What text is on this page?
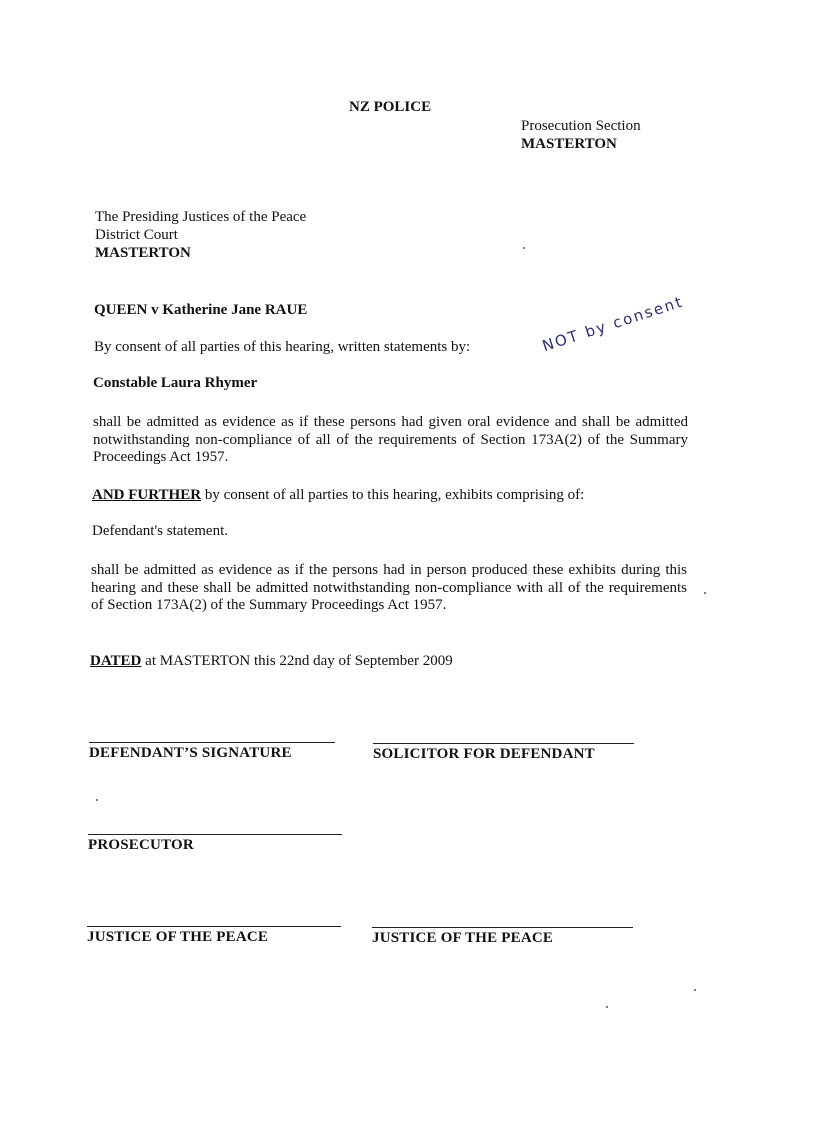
NZ POLICE
Prosecution Section
MASTERTON
The Presiding Justices of the Peace
District Court
MASTERTON
QUEEN v Katherine Jane RAUE
By consent of all parties of this hearing, written statements by:	NOT by consent
Constable Laura Rhymer
shall be admitted as evidence as if these persons had given oral evidence and shall be admitted notwithstanding non-compliance of all of the requirements of Section 173A(2) of the Summary Proceedings Act 1957.
AND FURTHER by consent of all parties to this hearing, exhibits comprising of:
Defendant's statement.
shall be admitted as evidence as if the persons had in person produced these exhibits during this hearing and these shall be admitted notwithstanding non-compliance with all of the requirements of Section 173A(2) of the Summary Proceedings Act 1957.
DATED at MASTERTON this 22nd day of September 2009
DEFENDANT’S SIGNATURE	SOLICITOR FOR DEFENDANT
PROSECUTOR
JUSTICE OF THE PEACE	JUSTICE OF THE PEACE
